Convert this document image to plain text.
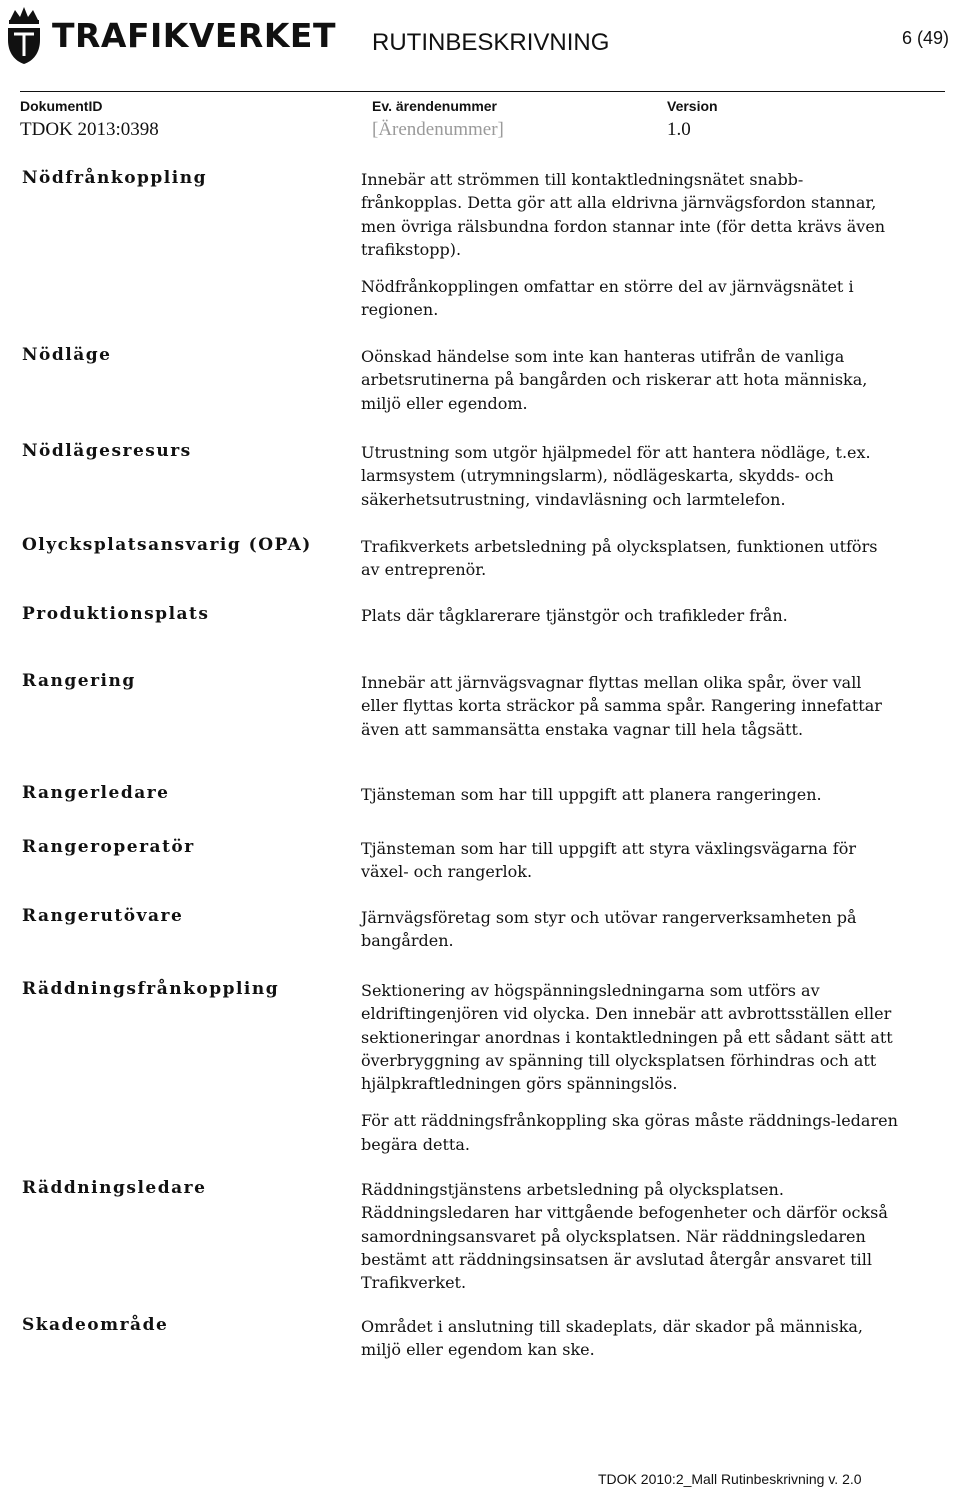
TRAFIKVERKET RUTINBESKRIVNING	6 (49)
DokumentID
TDOK 2013:0398
Ev. ärendenummer
[Ärendenummer]
Version
1.0
Nödfrånkoppling	Innebär att strömmen till kontaktledningsnätet snabb-frånkopplas. Detta gör att alla eldrivna järnvägsfordon stannar, men övriga rälsbundna fordon stannar inte (för detta krävs även trafikstopp).

Nödfrånkopplingen omfattar en större del av järnvägsnätet i regionen.

Nödläge	Oönskad händelse som inte kan hanteras utifrån de vanliga arbetsrutinerna på bangården och riskerar att hota människa, miljö eller egendom.

Nödlägesresurs	Utrustning som utgör hjälpmedel för att hantera nödläge, t.ex. larmsystem (utrymningslarm), nödlägeskarta, skydds- och säkerhetsutrustning, vindavläsning och larmtelefon.

Olycksplatsansvarig (OPA)	Trafikverkets arbetsledning på olycksplatsen, funktionen utförs av entreprenör.

Produktionsplats	Plats där tågklarerare tjänstgör och trafikleder från.

Rangering	Innebär att järnvägsvagnar flyttas mellan olika spår, över vall eller flyttas korta sträckor på samma spår. Rangering innefattar även att sammansätta enstaka vagnar till hela tågsätt.

Rangerledare	Tjänsteman som har till uppgift att planera rangeringen.

Rangeroperatör	Tjänsteman som har till uppgift att styra växlingsvägarna för växel- och rangerlok.

Rangerutövare	Järnvägsföretag som styr och utövar rangerverksamheten på bangården.

Räddningsfrånkoppling	Sektionering av högspänningsledningarna som utförs av eldriftingenjören vid olycka. Den innebär att avbrottsställen eller sektioneringar anordnas i kontaktledningen på ett sådant sätt att överbryggning av spänning till olycksplatsen förhindras och att hjälpkraftledningen görs spänningslös.

För att räddningsfrånkoppling ska göras måste räddnings-ledaren begära detta.

Räddningsledare	Räddningstjänstens arbetsledning på olycksplatsen. Räddningsledaren har vittgående befogenheter och därför också samordningsansvaret på olycksplatsen. När räddningsledaren bestämt att räddningsinsatsen är avslutad återgår ansvaret till Trafikverket.

Skadeområde	Området i anslutning till skadeplats, där skador på människa, miljö eller egendom kan ske.

TDOK 2010:2_Mall Rutinbeskrivning v. 2.0
